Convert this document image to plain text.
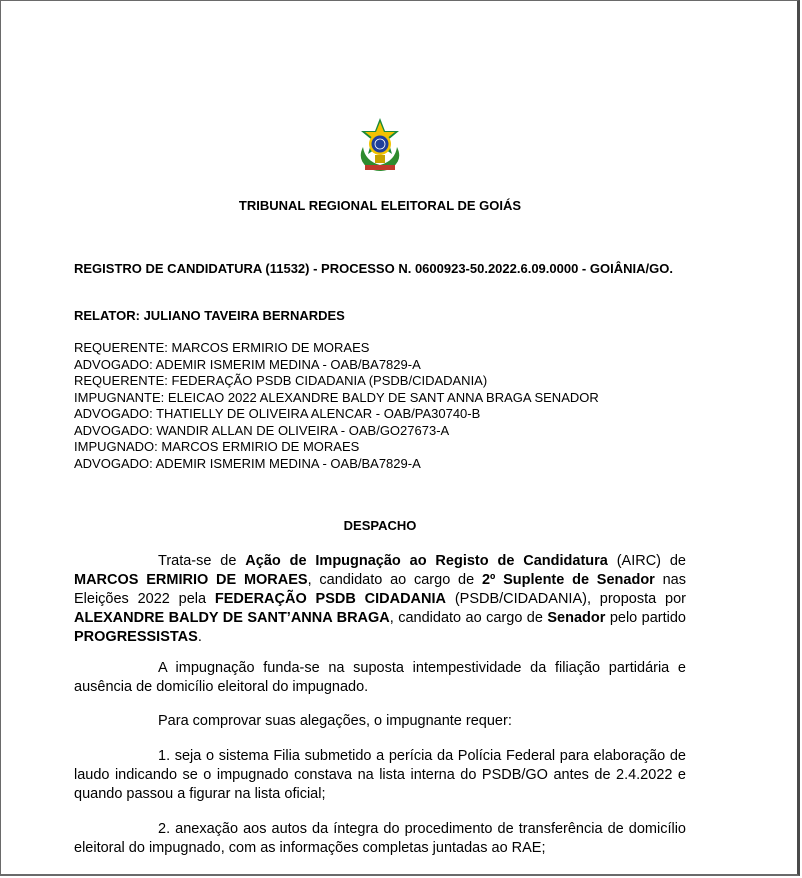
TRIBUNAL REGIONAL ELEITORAL DE GOIÁS
REGISTRO DE CANDIDATURA (11532) - PROCESSO N. 0600923-50.2022.6.09.0000 - GOIÂNIA/GO.
RELATOR: JULIANO TAVEIRA BERNARDES
REQUERENTE: MARCOS ERMIRIO DE MORAES
ADVOGADO: ADEMIR ISMERIM MEDINA - OAB/BA7829-A
REQUERENTE: FEDERAÇÃO PSDB CIDADANIA (PSDB/CIDADANIA)
IMPUGNANTE: ELEICAO 2022 ALEXANDRE BALDY DE SANT ANNA BRAGA SENADOR
ADVOGADO: THATIELLY DE OLIVEIRA ALENCAR - OAB/PA30740-B
ADVOGADO: WANDIR ALLAN DE OLIVEIRA - OAB/GO27673-A
IMPUGNADO: MARCOS ERMIRIO DE MORAES
ADVOGADO: ADEMIR ISMERIM MEDINA - OAB/BA7829-A
DESPACHO
Trata-se de Ação de Impugnação ao Registo de Candidatura (AIRC) de MARCOS ERMIRIO DE MORAES, candidato ao cargo de 2º Suplente de Senador nas Eleições 2022 pela FEDERAÇÃO PSDB CIDADANIA (PSDB/CIDADANIA), proposta por ALEXANDRE BALDY DE SANT’ANNA BRAGA, candidato ao cargo de Senador pelo partido PROGRESSISTAS.
A impugnação funda-se na suposta intempestividade da filiação partidária e ausência de domicílio eleitoral do impugnado.
Para comprovar suas alegações, o impugnante requer:
1. seja o sistema Filia submetido a perícia da Polícia Federal para elaboração de laudo indicando se o impugnado constava na lista interna do PSDB/GO antes de 2.4.2022 e quando passou a figurar na lista oficial;
2. anexação aos autos da íntegra do procedimento de transferência de domicílio eleitoral do impugnado, com as informações completas juntadas ao RAE;
